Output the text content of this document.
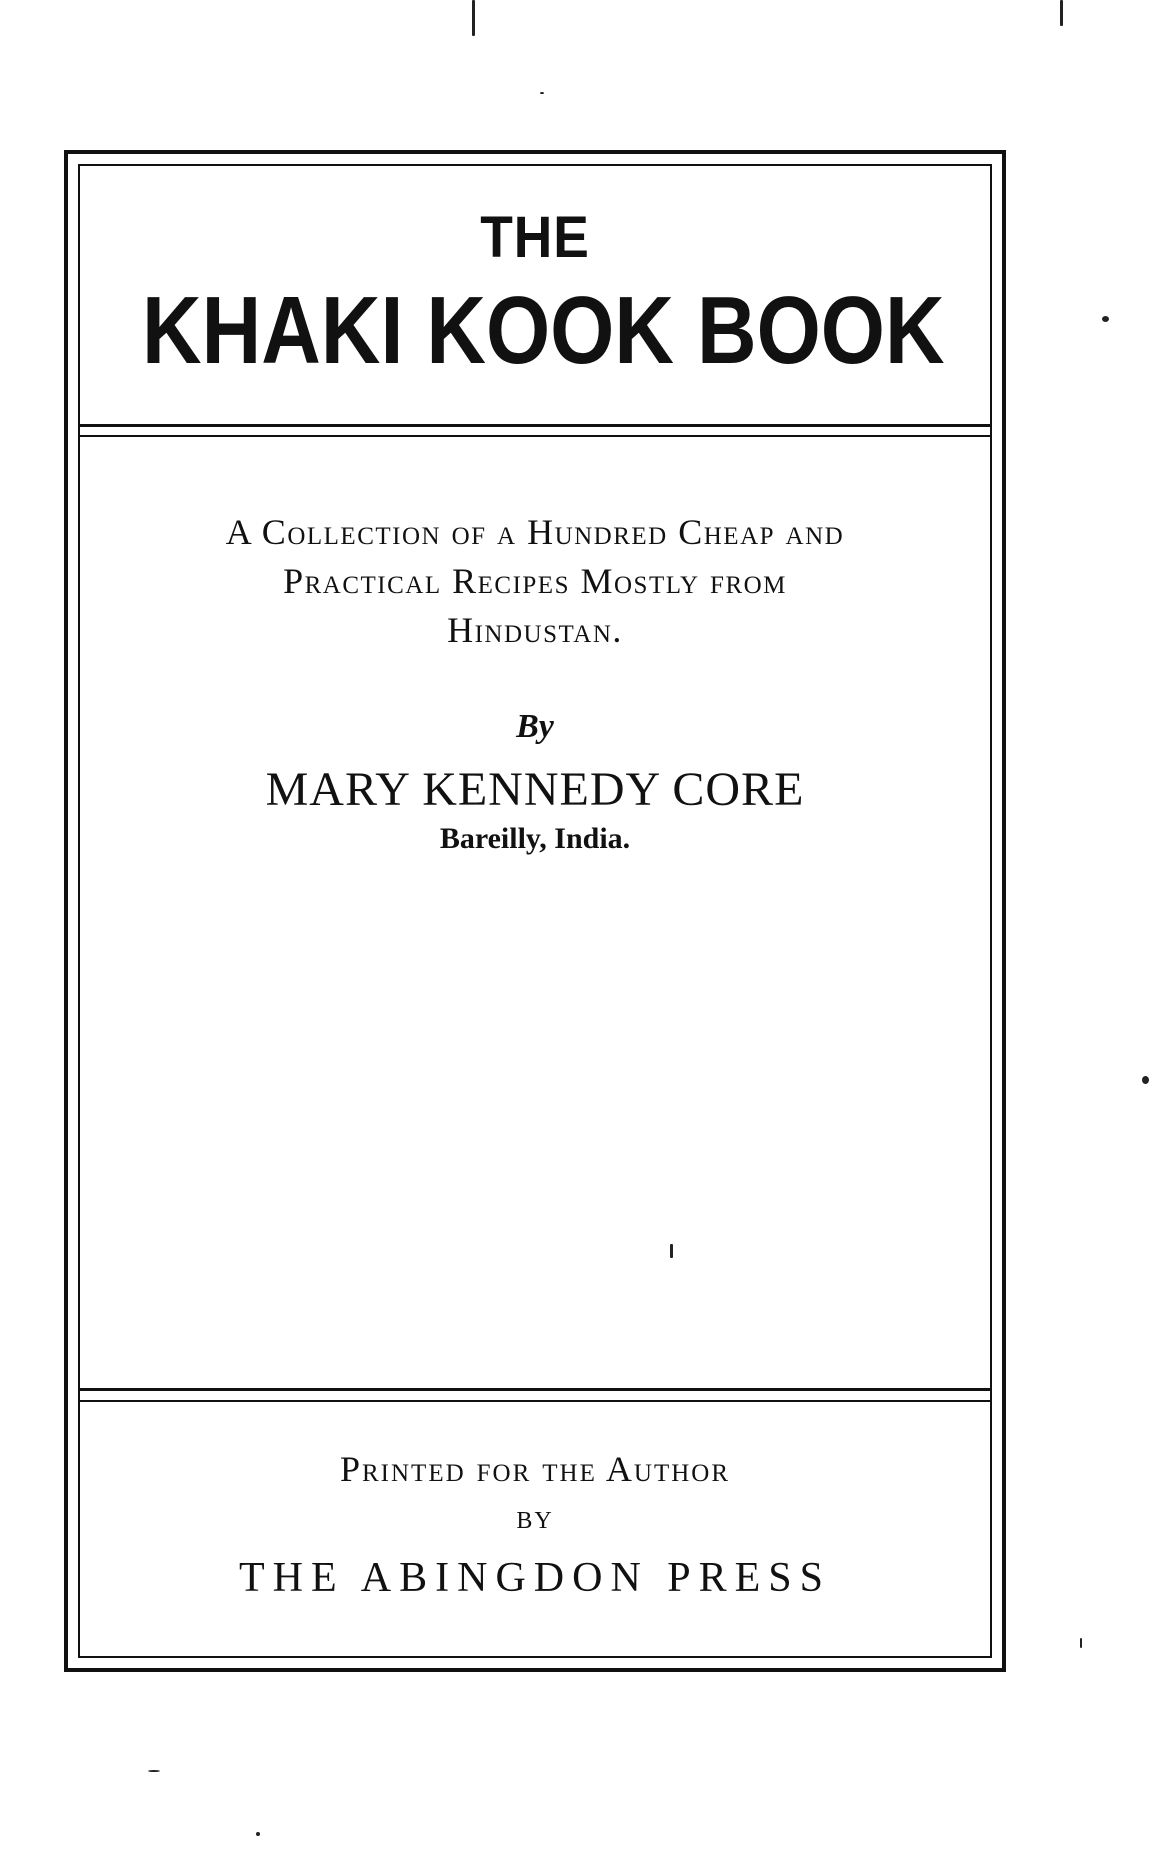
THE
KHAKI KOOK BOOK
A Collection of a Hundred Cheap and
Practical Recipes Mostly from
Hindustan.
By
MARY KENNEDY CORE
Bareilly, India.
Printed for the Author
BY
THE ABINGDON PRESS
